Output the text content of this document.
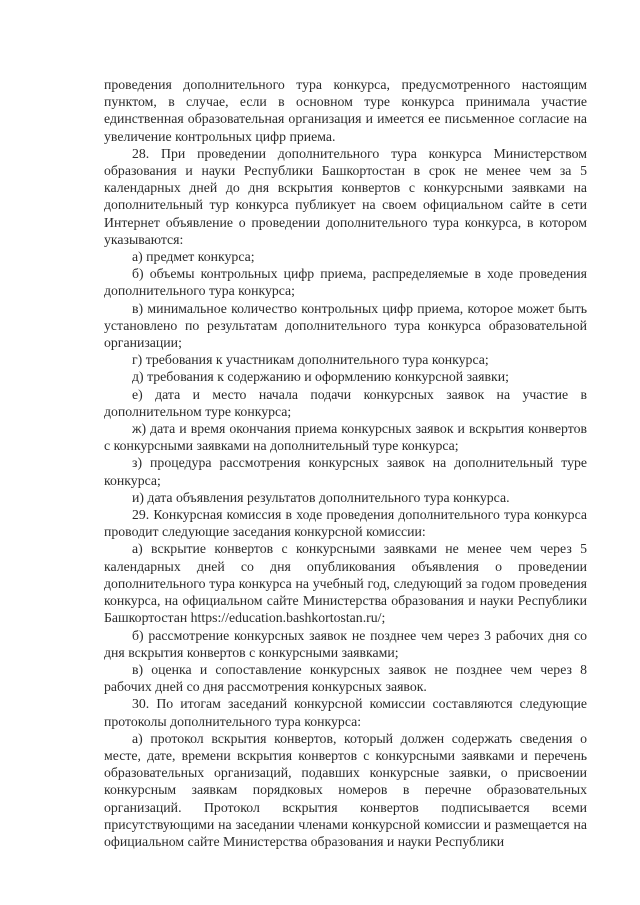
проведения дополнительного тура конкурса, предусмотренного настоящим пунктом, в случае, если в основном туре конкурса принимала участие единственная образовательная организация и имеется ее письменное согласие на увеличение контрольных цифр приема.

28. При проведении дополнительного тура конкурса Министерством образования и науки Республики Башкортостан в срок не менее чем за 5 календарных дней до дня вскрытия конвертов с конкурсными заявками на дополнительный тур конкурса публикует на своем официальном сайте в сети Интернет объявление о проведении дополнительного тура конкурса, в котором указываются:

а) предмет конкурса;

б) объемы контрольных цифр приема, распределяемые в ходе проведения дополнительного тура конкурса;

в) минимальное количество контрольных цифр приема, которое может быть установлено по результатам дополнительного тура конкурса образовательной организации;

г) требования к участникам дополнительного тура конкурса;

д) требования к содержанию и оформлению конкурсной заявки;

е) дата и место начала подачи конкурсных заявок на участие в дополнительном туре конкурса;

ж) дата и время окончания приема конкурсных заявок и вскрытия конвертов с конкурсными заявками на дополнительный туре конкурса;

з) процедура рассмотрения конкурсных заявок на дополнительный туре конкурса;

и) дата объявления результатов дополнительного тура конкурса.

29. Конкурсная комиссия в ходе проведения дополнительного тура конкурса проводит следующие заседания конкурсной комиссии:

а) вскрытие конвертов с конкурсными заявками не менее чем через 5 календарных дней со дня опубликования объявления о проведении дополнительного тура конкурса на учебный год, следующий за годом проведения конкурса, на официальном сайте Министерства образования и науки Республики Башкортостан https://education.bashkortostan.ru/;

б) рассмотрение конкурсных заявок не позднее чем через 3 рабочих дня со дня вскрытия конвертов с конкурсными заявками;

в) оценка и сопоставление конкурсных заявок не позднее чем через 8 рабочих дней со дня рассмотрения конкурсных заявок.

30. По итогам заседаний конкурсной комиссии составляются следующие протоколы дополнительного тура конкурса:

а) протокол вскрытия конвертов, который должен содержать сведения о месте, дате, времени вскрытия конвертов с конкурсными заявками и перечень образовательных организаций, подавших конкурсные заявки, о присвоении конкурсным заявкам порядковых номеров в перечне образовательных организаций. Протокол вскрытия конвертов подписывается всеми присутствующими на заседании членами конкурсной комиссии и размещается на официальном сайте Министерства образования и науки Республики
